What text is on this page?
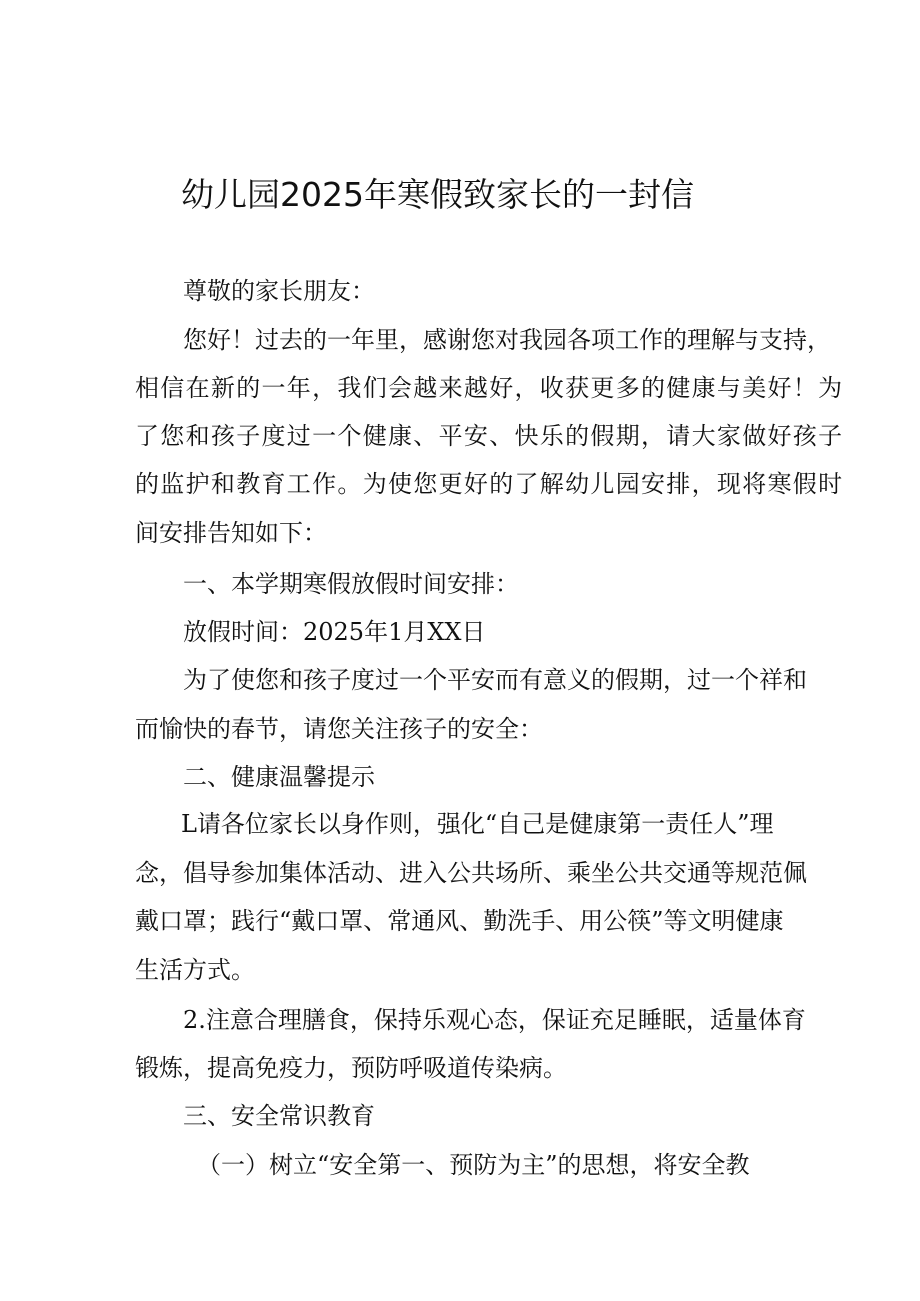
幼儿园2025年寒假致家长的一封信

尊敬的家长朋友：

您好！过去的一年里，感谢您对我园各项工作的理解与支持，

相信在新的一年，我们会越来越好，收获更多的健康与美好！为

了您和孩子度过一个健康、平安、快乐的假期，请大家做好孩子

的监护和教育工作。为使您更好的了解幼儿园安排，现将寒假时

间安排告知如下：

一、本学期寒假放假时间安排：

放假时间：2025年1月XX日

为了使您和孩子度过一个平安而有意义的假期，过一个祥和

而愉快的春节，请您关注孩子的安全：

二、健康温馨提示

L请各位家长以身作则，强化“自己是健康第一责任人”理

念，倡导参加集体活动、进入公共场所、乘坐公共交通等规范佩

戴口罩；践行“戴口罩、常通风、勤洗手、用公筷”等文明健康

生活方式。

2.注意合理膳食，保持乐观心态，保证充足睡眠，适量体育

锻炼，提高免疫力，预防呼吸道传染病。

三、安全常识教育

（一）树立“安全第一、预防为主”的思想，将安全教
